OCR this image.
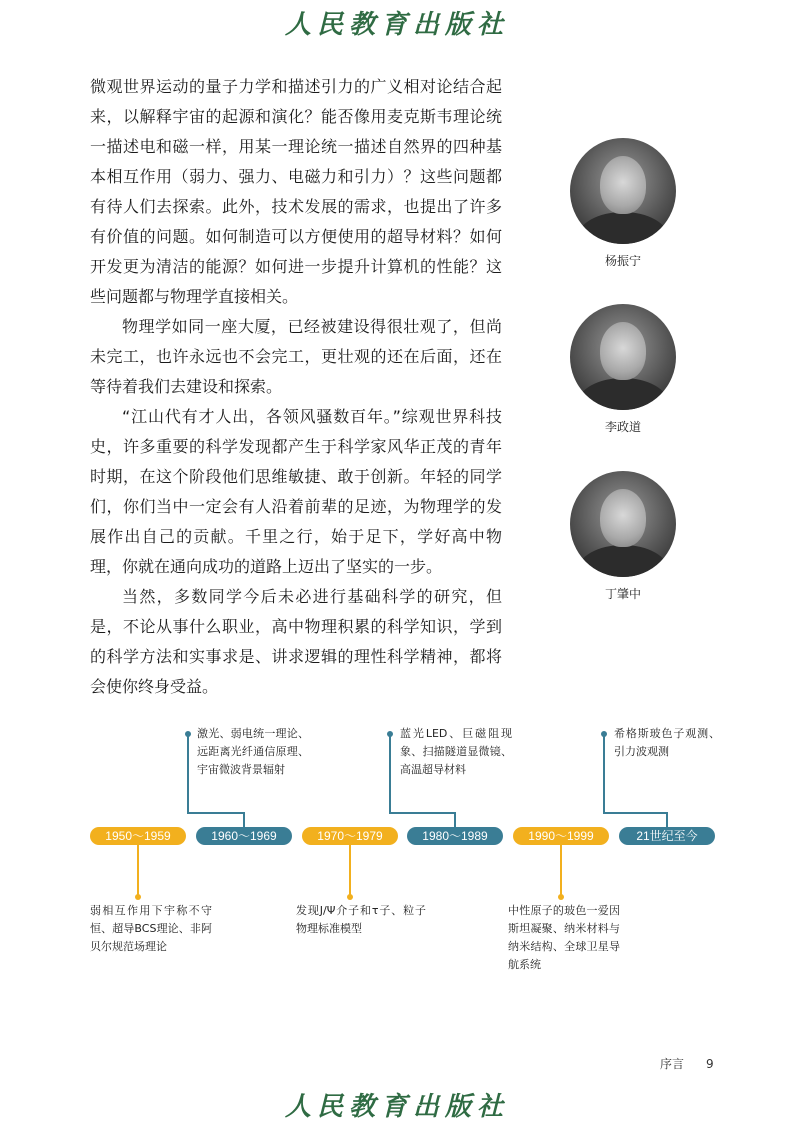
人民教育出版社

微观世界运动的量子力学和描述引力的广义相对论结合起来，以解释宇宙的起源和演化？能否像用麦克斯韦理论统一描述电和磁一样，用某一理论统一描述自然界的四种基本相互作用（弱力、强力、电磁力和引力）？这些问题都有待人们去探索。此外，技术发展的需求，也提出了许多有价值的问题。如何制造可以方便使用的超导材料？如何开发更为清洁的能源？如何进一步提升计算机的性能？这些问题都与物理学直接相关。

物理学如同一座大厦，已经被建设得很壮观了，但尚未完工，也许永远也不会完工，更壮观的还在后面，还在等待着我们去建设和探索。

“江山代有才人出，各领风骚数百年。”综观世界科技史，许多重要的科学发现都产生于科学家风华正茂的青年时期，在这个阶段他们思维敏捷、敢于创新。年轻的同学们，你们当中一定会有人沿着前辈的足迹，为物理学的发展作出自己的贡献。千里之行，始于足下，学好高中物理，你就在通向成功的道路上迈出了坚实的一步。

当然，多数同学今后未必进行基础科学的研究，但是，不论从事什么职业，高中物理积累的科学知识，学到的科学方法和实事求是、讲求逻辑的理性科学精神，都将会使你终身受益。

杨振宁
李政道
丁肇中
1950～1959	1960～1969	1970～1979	1980～1989	1990～1999	21世纪至今
激光、弱电统一理论、远距离光纤通信原理、宇宙微波背景辐射
蓝光LED、巨磁阻现象、扫描隧道显微镜、高温超导材料
希格斯玻色子观测、引力波观测
弱相互作用下宇称不守恒、超导BCS理论、非阿贝尔规范场理论
发现J/Ψ介子和τ子、粒子物理标准模型
中性原子的玻色一爱因斯坦凝聚、纳米材料与纳米结构、全球卫星导航系统
序言 9
人民教育出版社
